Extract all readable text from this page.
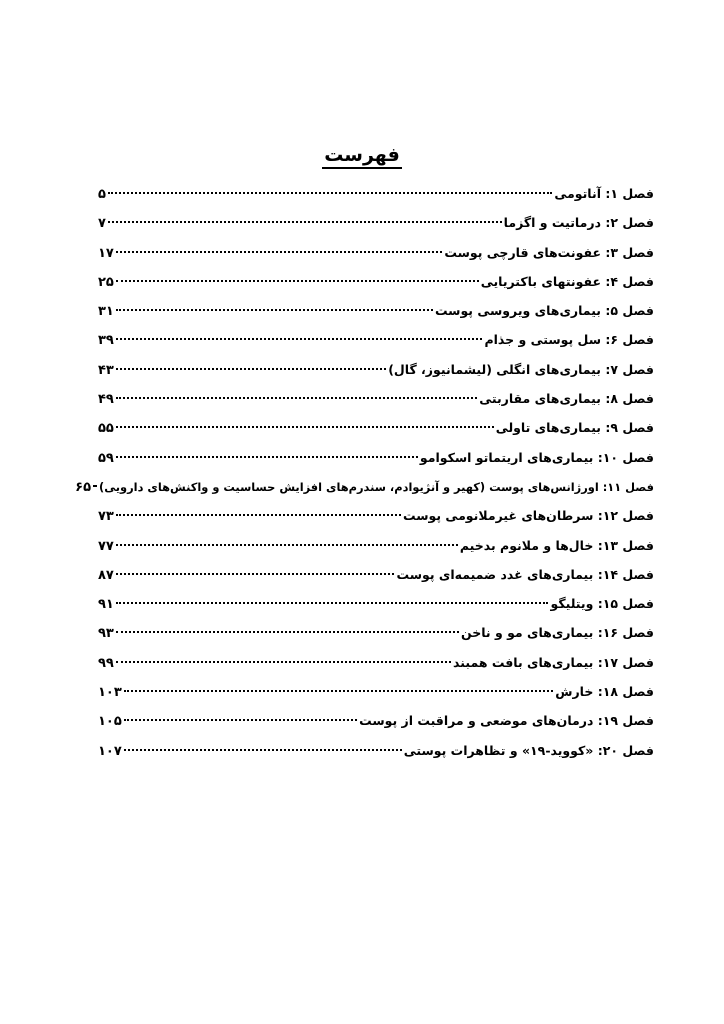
فهرست
فصل ۱: آناتومی
۵
فصل ۲: درماتیت و اگزما
۷
فصل ۳: عفونت‌های قارچی پوست
۱۷
فصل ۴: عفونتهای باکتریایی
۲۵
فصل ۵: بیماری‌های ویروسی پوست
۳۱
فصل ۶: سل پوستی و جذام
۳۹
فصل ۷: بیماری‌های انگلی (لیشمانیوز، گال)
۴۳
فصل ۸: بیماری‌های مقاربتی
۴۹
فصل ۹: بیماری‌های تاولی
۵۵
فصل ۱۰: بیماری‌های اریتماتو اسکوامو
۵۹
فصل ۱۱: اورژانس‌های پوست (کهیر و آنژیوادم، سندرم‌های افزایش حساسیت و واکنش‌های دارویی)
۶۵
فصل ۱۲: سرطان‌های غیرملانومی پوست
۷۳
فصل ۱۳: خال‌ها و ملانوم بدخیم
۷۷
فصل ۱۴: بیماری‌های غدد ضمیمه‌ای پوست
۸۷
فصل ۱۵: ویتلیگو
۹۱
فصل ۱۶: بیماری‌های مو و ناخن
۹۳
فصل ۱۷: بیماری‌های بافت همبند
۹۹
فصل ۱۸: خارش
۱۰۳
فصل ۱۹: درمان‌های موضعی و مراقبت از پوست
۱۰۵
فصل ۲۰: «کووید-۱۹» و تظاهرات پوستی
۱۰۷
